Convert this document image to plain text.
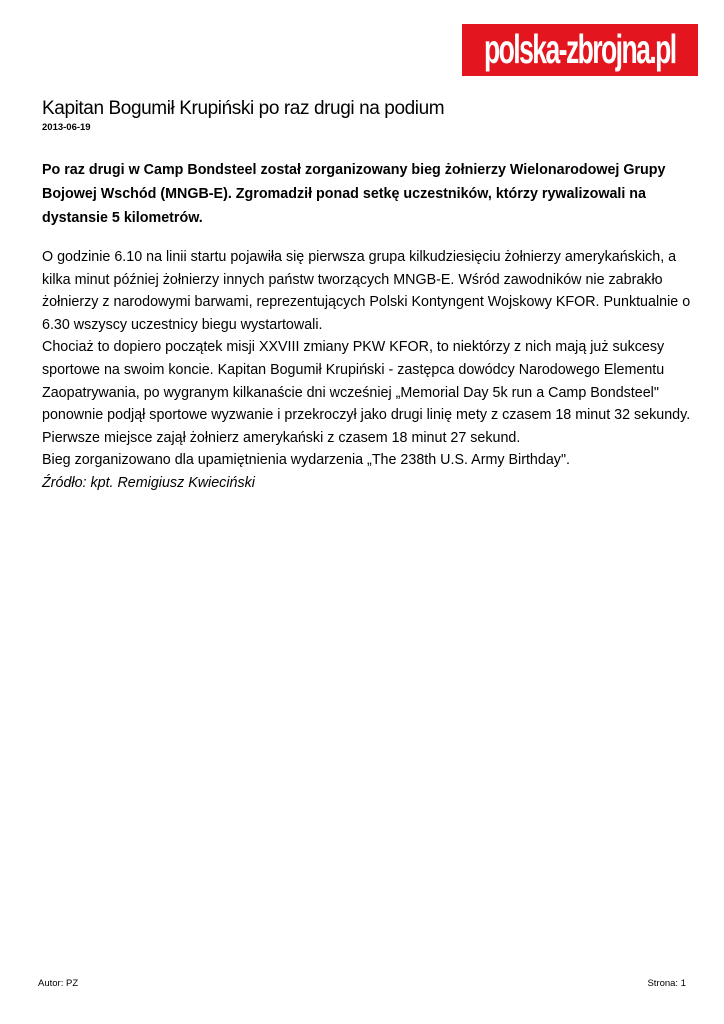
polska-zbrojna.pl
Kapitan Bogumił Krupiński po raz drugi na podium
2013-06-19

Po raz drugi w Camp Bondsteel został zorganizowany bieg żołnierzy Wielonarodowej Grupy Bojowej Wschód (MNGB-E). Zgromadził ponad setkę uczestników, którzy rywalizowali na dystansie 5 kilometrów.

O godzinie 6.10 na linii startu pojawiła się pierwsza grupa kilkudziesięciu żołnierzy amerykańskich, a kilka minut później żołnierzy innych państw tworzących MNGB-E. Wśród zawodników nie zabrakło żołnierzy z narodowymi barwami, reprezentujących Polski Kontyngent Wojskowy KFOR. Punktualnie o 6.30 wszyscy uczestnicy biegu wystartowali.

Chociaż to dopiero początek misji XXVIII zmiany PKW KFOR, to niektórzy z nich mają już sukcesy sportowe na swoim koncie. Kapitan Bogumił Krupiński - zastępca dowódcy Narodowego Elementu Zaopatrywania, po wygranym kilkanaście dni wcześniej „Memorial Day 5k run a Camp Bondsteel" ponownie podjął sportowe wyzwanie i przekroczył jako drugi linię mety z czasem 18 minut 32 sekundy. Pierwsze miejsce zajął żołnierz amerykański z czasem 18 minut 27 sekund.

Bieg zorganizowano dla upamiętnienia wydarzenia „The 238th U.S. Army Birthday".

Źródło: kpt. Remigiusz Kwieciński

Autor: PZ	Strona: 1
